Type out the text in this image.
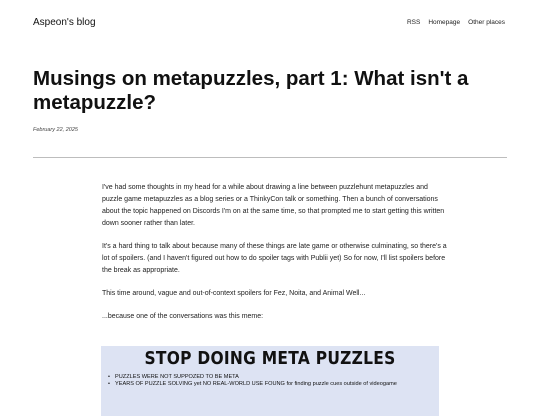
Aspeon's blog	RSS Homepage Other places
Musings on metapuzzles, part 1: What isn't a metapuzzle?
February 22, 2025

I've had some thoughts in my head for a while about drawing a line between puzzlehunt metapuzzles and puzzle game metapuzzles as a blog series or a ThinkyCon talk or something. Then a bunch of conversations about the topic happened on Discords I'm on at the same time, so that prompted me to start getting this written down sooner rather than later.

It's a hard thing to talk about because many of these things are late game or otherwise culminating, so there's a lot of spoilers. (and I haven't figured out how to do spoiler tags with Publii yet) So for now, I'll list spoilers before the break as appropriate.

This time around, vague and out-of-context spoilers for Fez, Noita, and Animal Well...

...because one of the conversations was this meme:

STOP DOING META PUZZLES
• PUZZLES WERE NOT SUPPOZED TO BE META
• YEARS OF PUZZLE SOLVING yet NO REAL-WORLD USE FOUNG for finding puzzle cues outside of videogame
